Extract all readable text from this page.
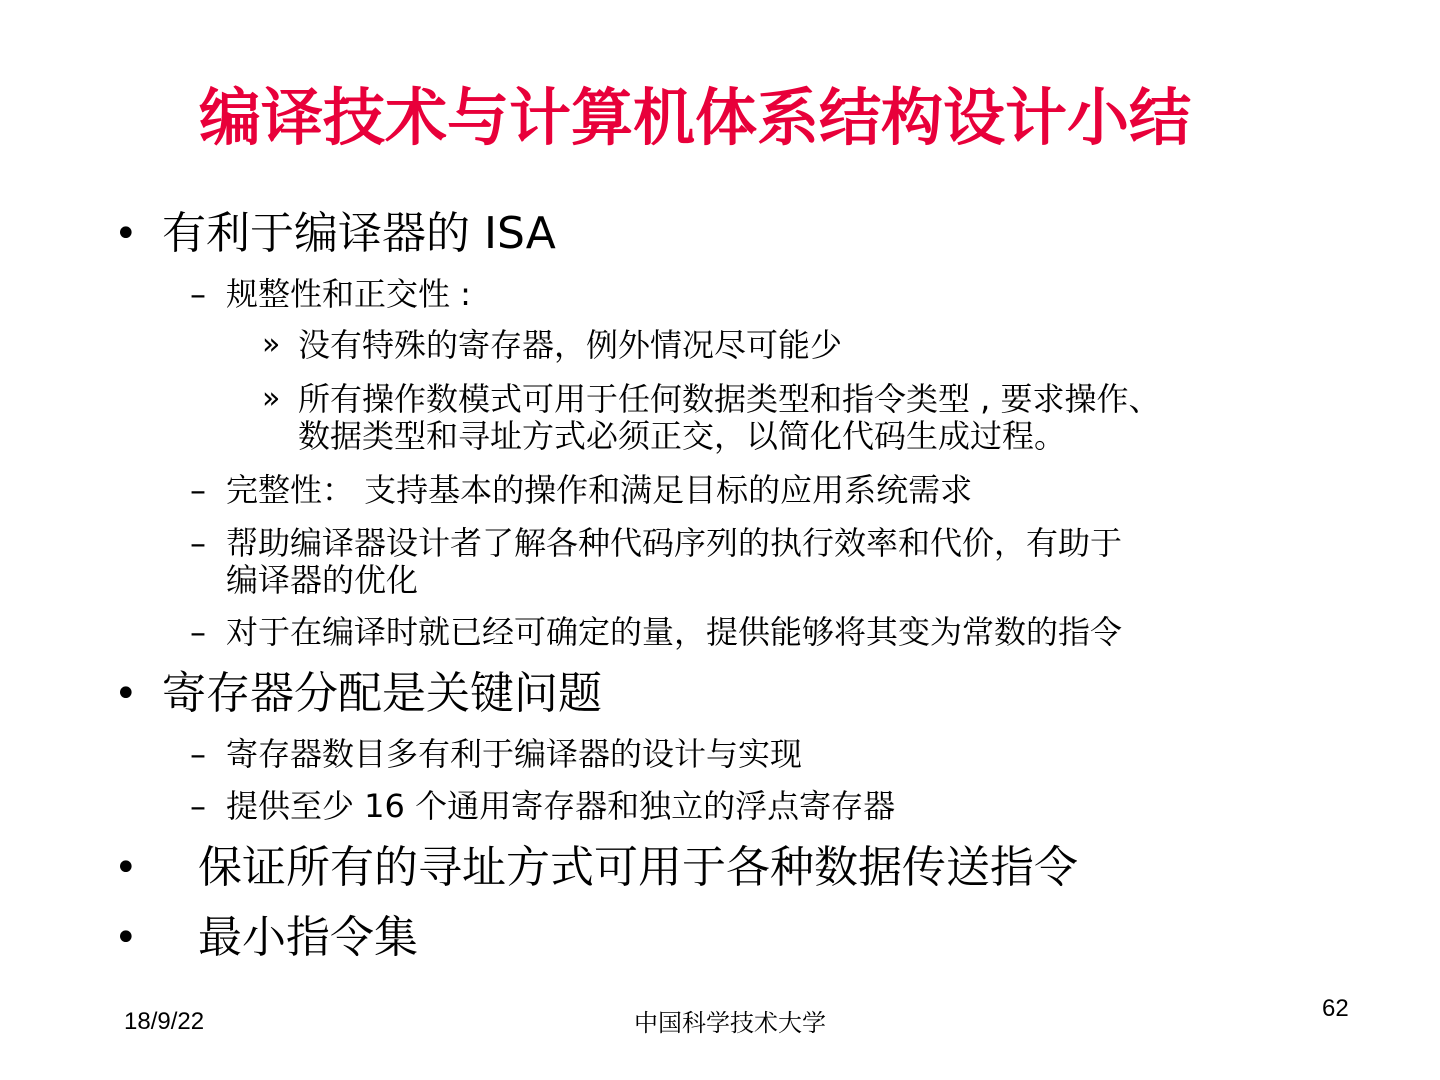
编译技术与计算机体系结构设计小结
• 有利于编译器的 ISA
– 规整性和正交性 :
» 没有特殊的寄存器，例外情况尽可能少
» 所有操作数模式可用于任何数据类型和指令类型 , 要求操作、
数据类型和寻址方式必须正交，以简化代码生成过程。
– 完整性： 支持基本的操作和满足目标的应用系统需求
– 帮助编译器设计者了解各种代码序列的执行效率和代价，有助于
编译器的优化
– 对于在编译时就已经可确定的量，提供能够将其变为常数的指令
• 寄存器分配是关键问题
– 寄存器数目多有利于编译器的设计与实现
– 提供至少 16 个通用寄存器和独立的浮点寄存器
• 保证所有的寻址方式可用于各种数据传送指令
• 最小指令集
18/9/22	中国科学技术大学
62
